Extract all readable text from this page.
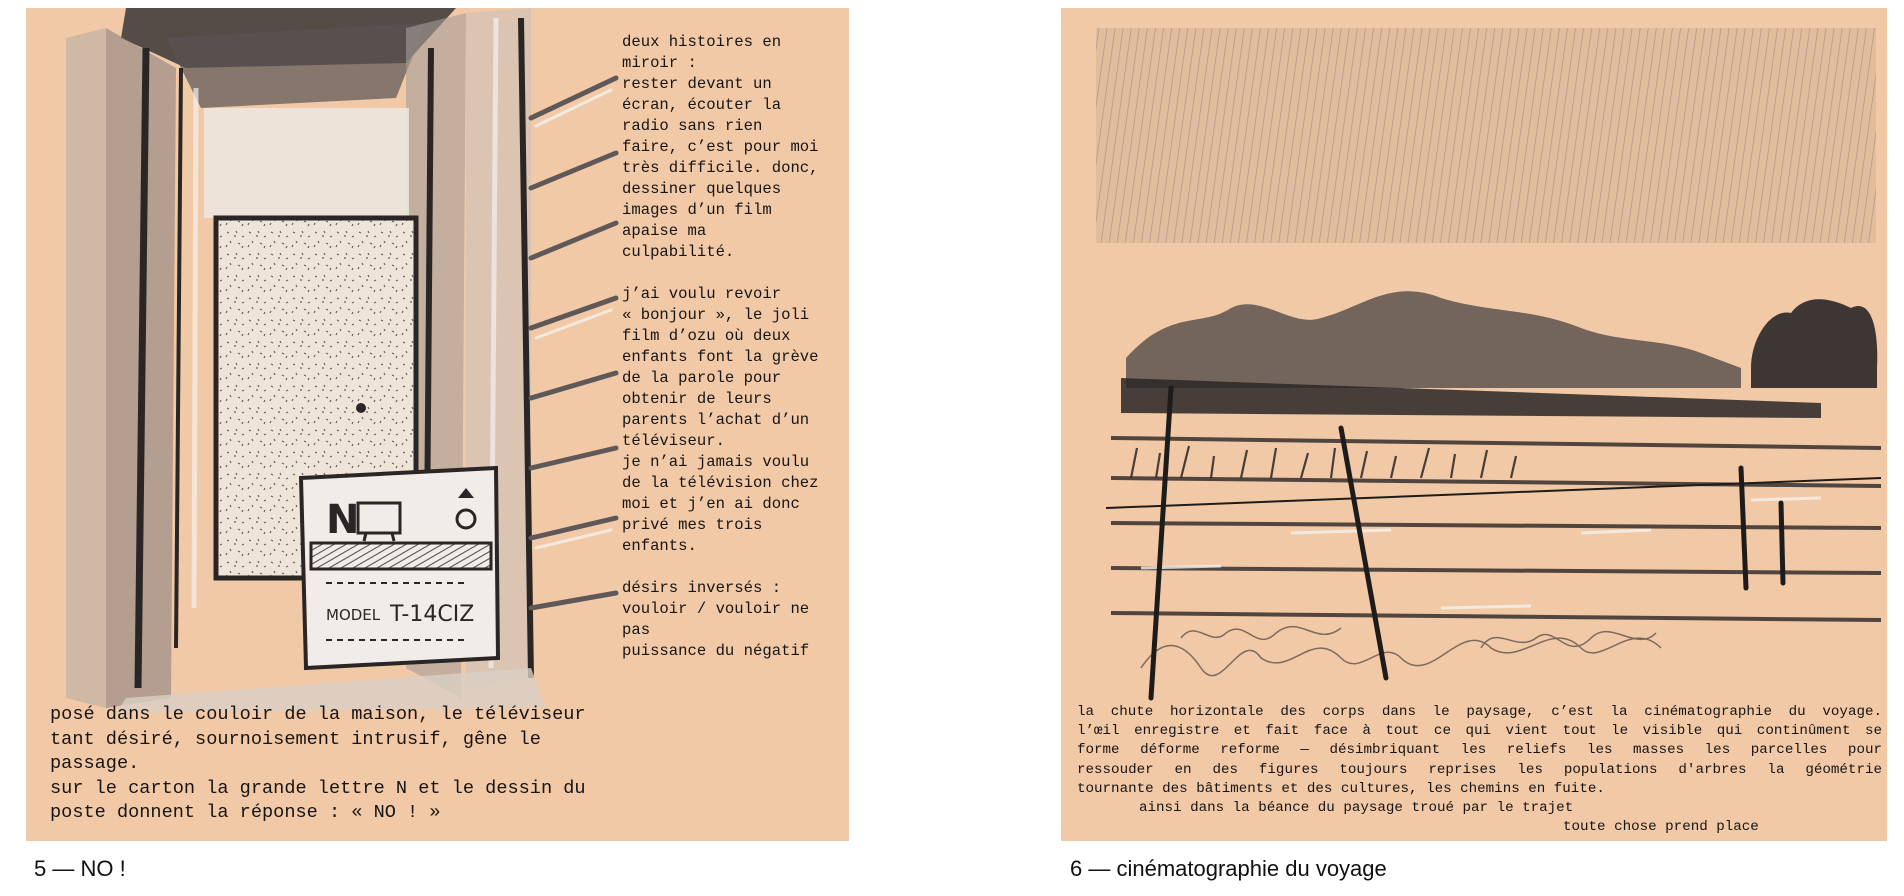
N
MODEL T-14CIZ
deux histoires en
miroir :
rester devant un
écran, écouter la
radio sans rien
faire, c’est pour moi
très difficile. donc,
dessiner quelques
images d’un film
apaise ma
culpabilité.

j’ai voulu revoir
« bonjour », le joli
film d’ozu où deux
enfants font la grève
de la parole pour
obtenir de leurs
parents l’achat d’un
téléviseur.
je n’ai jamais voulu
de la télévision chez
moi et j’en ai donc
privé mes trois
enfants.

désirs inversés :
vouloir / vouloir ne
pas
puissance du négatif
posé dans le couloir de la maison, le téléviseur
tant désiré, sournoisement intrusif, gêne le
passage.
sur le carton la grande lettre N et le dessin du
poste donnent la réponse : « NO ! »
5 — NO !
la chute horizontale des corps dans le paysage, c’est la cinématographie du voyage.
l’œil enregistre et fait face à tout ce qui vient tout le visible qui continûment se
forme déforme reforme — désimbriquant les reliefs les masses les parcelles pour
ressouder en des figures toujours reprises les populations d'arbres la géométrie
tournante des bâtiments et des cultures, les chemins en fuite.
ainsi dans la béance du paysage troué par le trajet
toute chose prend place
6 — cinématographie du voyage
